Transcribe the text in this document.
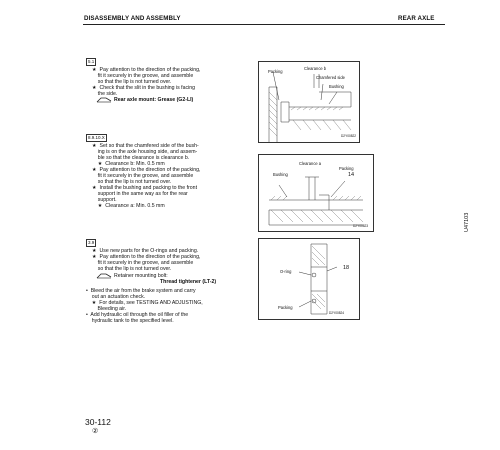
DISASSEMBLY AND ASSEMBLY	REAR AXLE
5.1
★  Pay attention to the direction of the packing,
fit it securely in the groove, and assemble
so that the lip is not turned over.
★  Check that the slit in the bushing is facing
the side.
Rear axle mount: Grease (G2-LI)
Packing
Clearance b
Chamfered side
Bushing
D2Y00822
8.9.10.X
★  Set so that the chamfered side of the bush-
ing is on the axle housing side, and assem-
ble so that the clearance is clearance b.
★  Clearance b: Min. 0.5 mm
★  Pay attention to the direction of the packing,
fit it securely in the groove, and assemble
so that the lip is not turned over.
★  Install the bushing and packing to the front
support in the same way as for the rear
support.
★  Clearance a: Min. 0.5 mm
Clearance a
Packing
Bushing	14
D2Y00823	U47103
3.9
★  Use new parts for the O-rings and packing.
★  Pay attention to the direction of the packing,
fit it securely in the groove, and assemble
so that the lip is not turned over.
Retainer mounting bolt:
Thread tightener (LT-2)
•  Bleed the air from the brake system and carry
out an actuation check.
★  For details, see TESTING AND ADJUSTING,
Bleeding air.
•  Add hydraulic oil through the oil filler of the
hydraulic tank to the specified level.
O-ring
18
Packing
D2Y00824
30-112
②
